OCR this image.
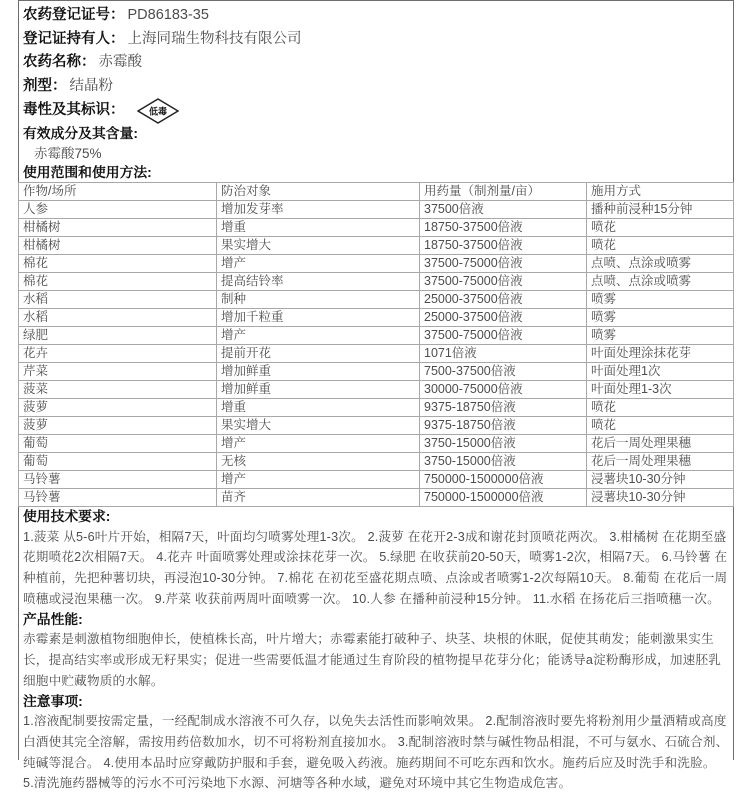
农药登记证号： PD86183-35
登记证持有人： 上海同瑞生物科技有限公司
农药名称： 赤霉酸
剂型： 结晶粉
毒性及其标识：	低毒
有效成分及其含量:
赤霉酸75%
使用范围和使用方法:
作物/场所	防治对象	用药量（制剂量/亩）	施用方式
人参	增加发芽率	37500倍液	播种前浸种15分钟
柑橘树	增重	18750-37500倍液	喷花
柑橘树	果实增大	18750-37500倍液	喷花
棉花	增产	37500-75000倍液	点喷、点涂或喷雾
棉花	提高结铃率	37500-75000倍液	点喷、点涂或喷雾
水稻	制种	25000-37500倍液	喷雾
水稻	增加千粒重	25000-37500倍液	喷雾
绿肥	增产	37500-75000倍液	喷雾
花卉	提前开花	1071倍液	叶面处理涂抹花芽
芹菜	增加鲜重	7500-37500倍液	叶面处理1次
菠菜	增加鲜重	30000-75000倍液	叶面处理1-3次
菠萝	增重	9375-18750倍液	喷花
菠萝	果实增大	9375-18750倍液	喷花
葡萄	增产	3750-15000倍液	花后一周处理果穗
葡萄	无核	3750-15000倍液	花后一周处理果穗
马铃薯	增产	750000-1500000倍液	浸薯块10-30分钟
马铃薯	苗齐	750000-1500000倍液	浸薯块10-30分钟
使用技术要求:
1.菠菜 从5-6叶片开始，相隔7天，叶面均匀喷雾处理1-3次。 2.菠萝 在花开2-3成和谢花封顶喷花两次。 3.柑橘树 在花期至盛花期喷花2次相隔7天。 4.花卉 叶面喷雾处理或涂抹花芽一次。 5.绿肥 在收获前20-50天，喷雾1-2次，相隔7天。 6.马铃薯 在种植前，先把种薯切块，再浸泡10-30分钟。 7.棉花 在初花至盛花期点喷、点涂或者喷雾1-2次每隔10天。 8.葡萄 在花后一周喷穗或浸泡果穗一次。 9.芹菜 收获前两周叶面喷雾一次。 10.人参 在播种前浸种15分钟。 11.水稻 在扬花后三指喷穗一次。
产品性能:
赤霉素是刺激植物细胞伸长，使植株长高，叶片增大；赤霉素能打破种子、块茎、块根的休眠，促使其萌发；能刺激果实生长，提高结实率或形成无籽果实；促进一些需要低温才能通过生育阶段的植物提早花芽分化；能诱导a淀粉酶形成，加速胚乳细胞中贮藏物质的水解。
注意事项:
1.溶液配制要按需定量，一经配制成水溶液不可久存，以免失去活性而影响效果。 2.配制溶液时要先将粉剂用少量酒精或高度白酒使其完全溶解，需按用药倍数加水，切不可将粉剂直接加水。 3.配制溶液时禁与碱性物品相混，不可与氨水、石硫合剂、纯碱等混合。 4.使用本品时应穿戴防护服和手套，避免吸入药液。施药期间不可吃东西和饮水。施药后应及时洗手和洗脸。 5.清洗施药器械等的污水不可污染地下水源、河塘等各种水域，避免对环境中其它生物造成危害。
